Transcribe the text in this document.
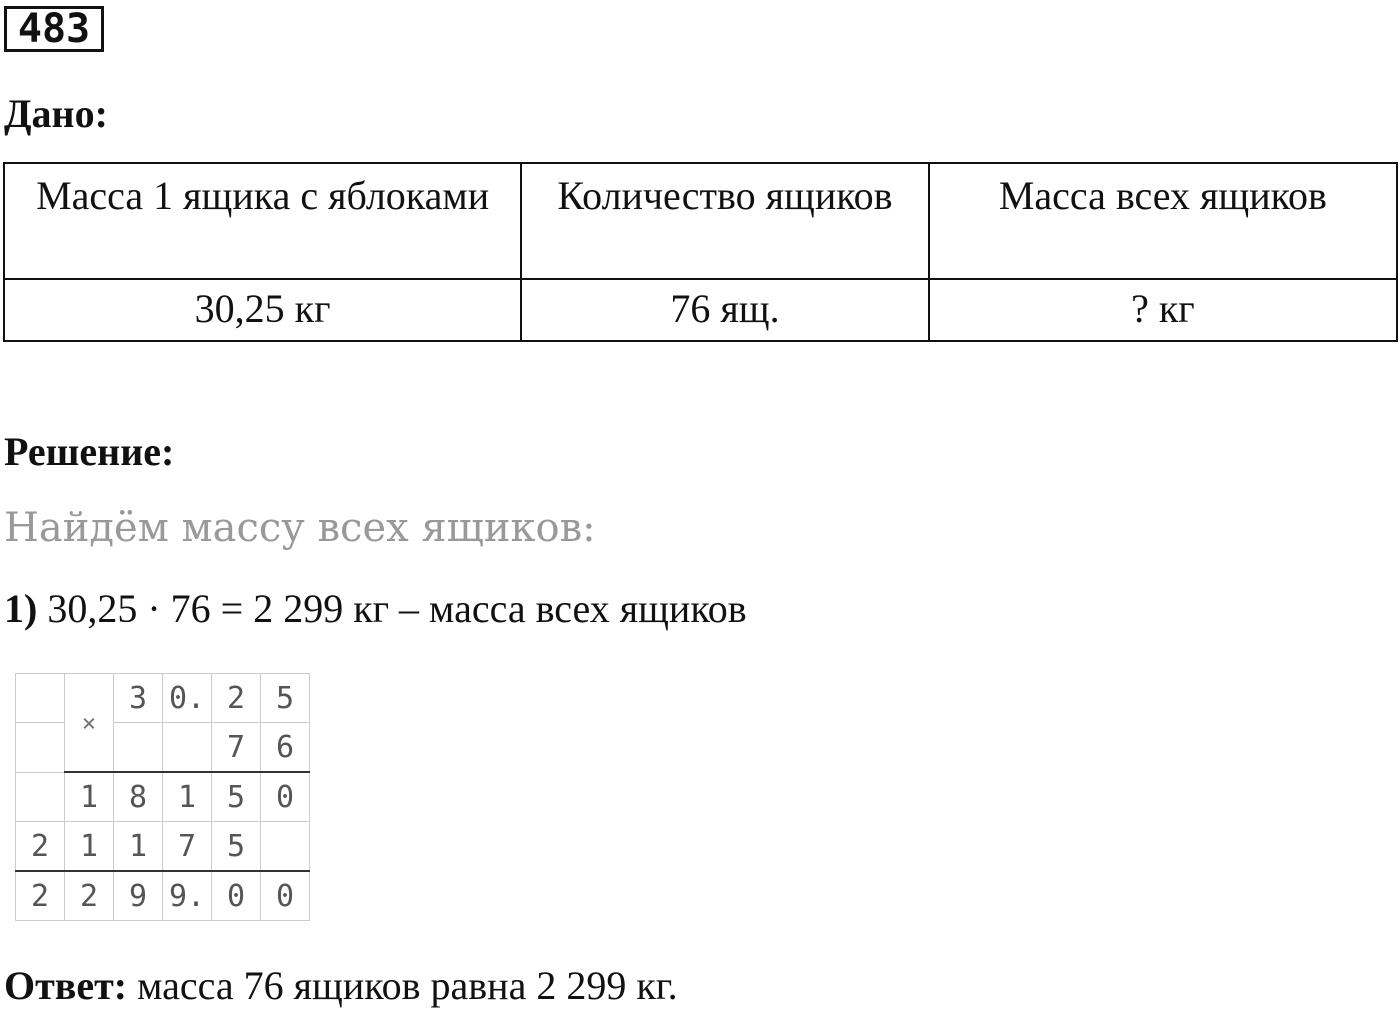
483
Дано:
Масса 1 ящика с яблоками	Количество ящиков	Масса всех ящиков
30,25 кг	76 ящ.	? кг
Решение:
Найдём массу всех ящиков:
1) 30,25 · 76 = 2 299 кг – масса всех ящиков
	×	3	0.	2	5
				7	6
	1	8	1	5	0
2	1	1	7	5	
2	2	9	9.	0	0
Ответ: масса 76 ящиков равна 2 299 кг.
